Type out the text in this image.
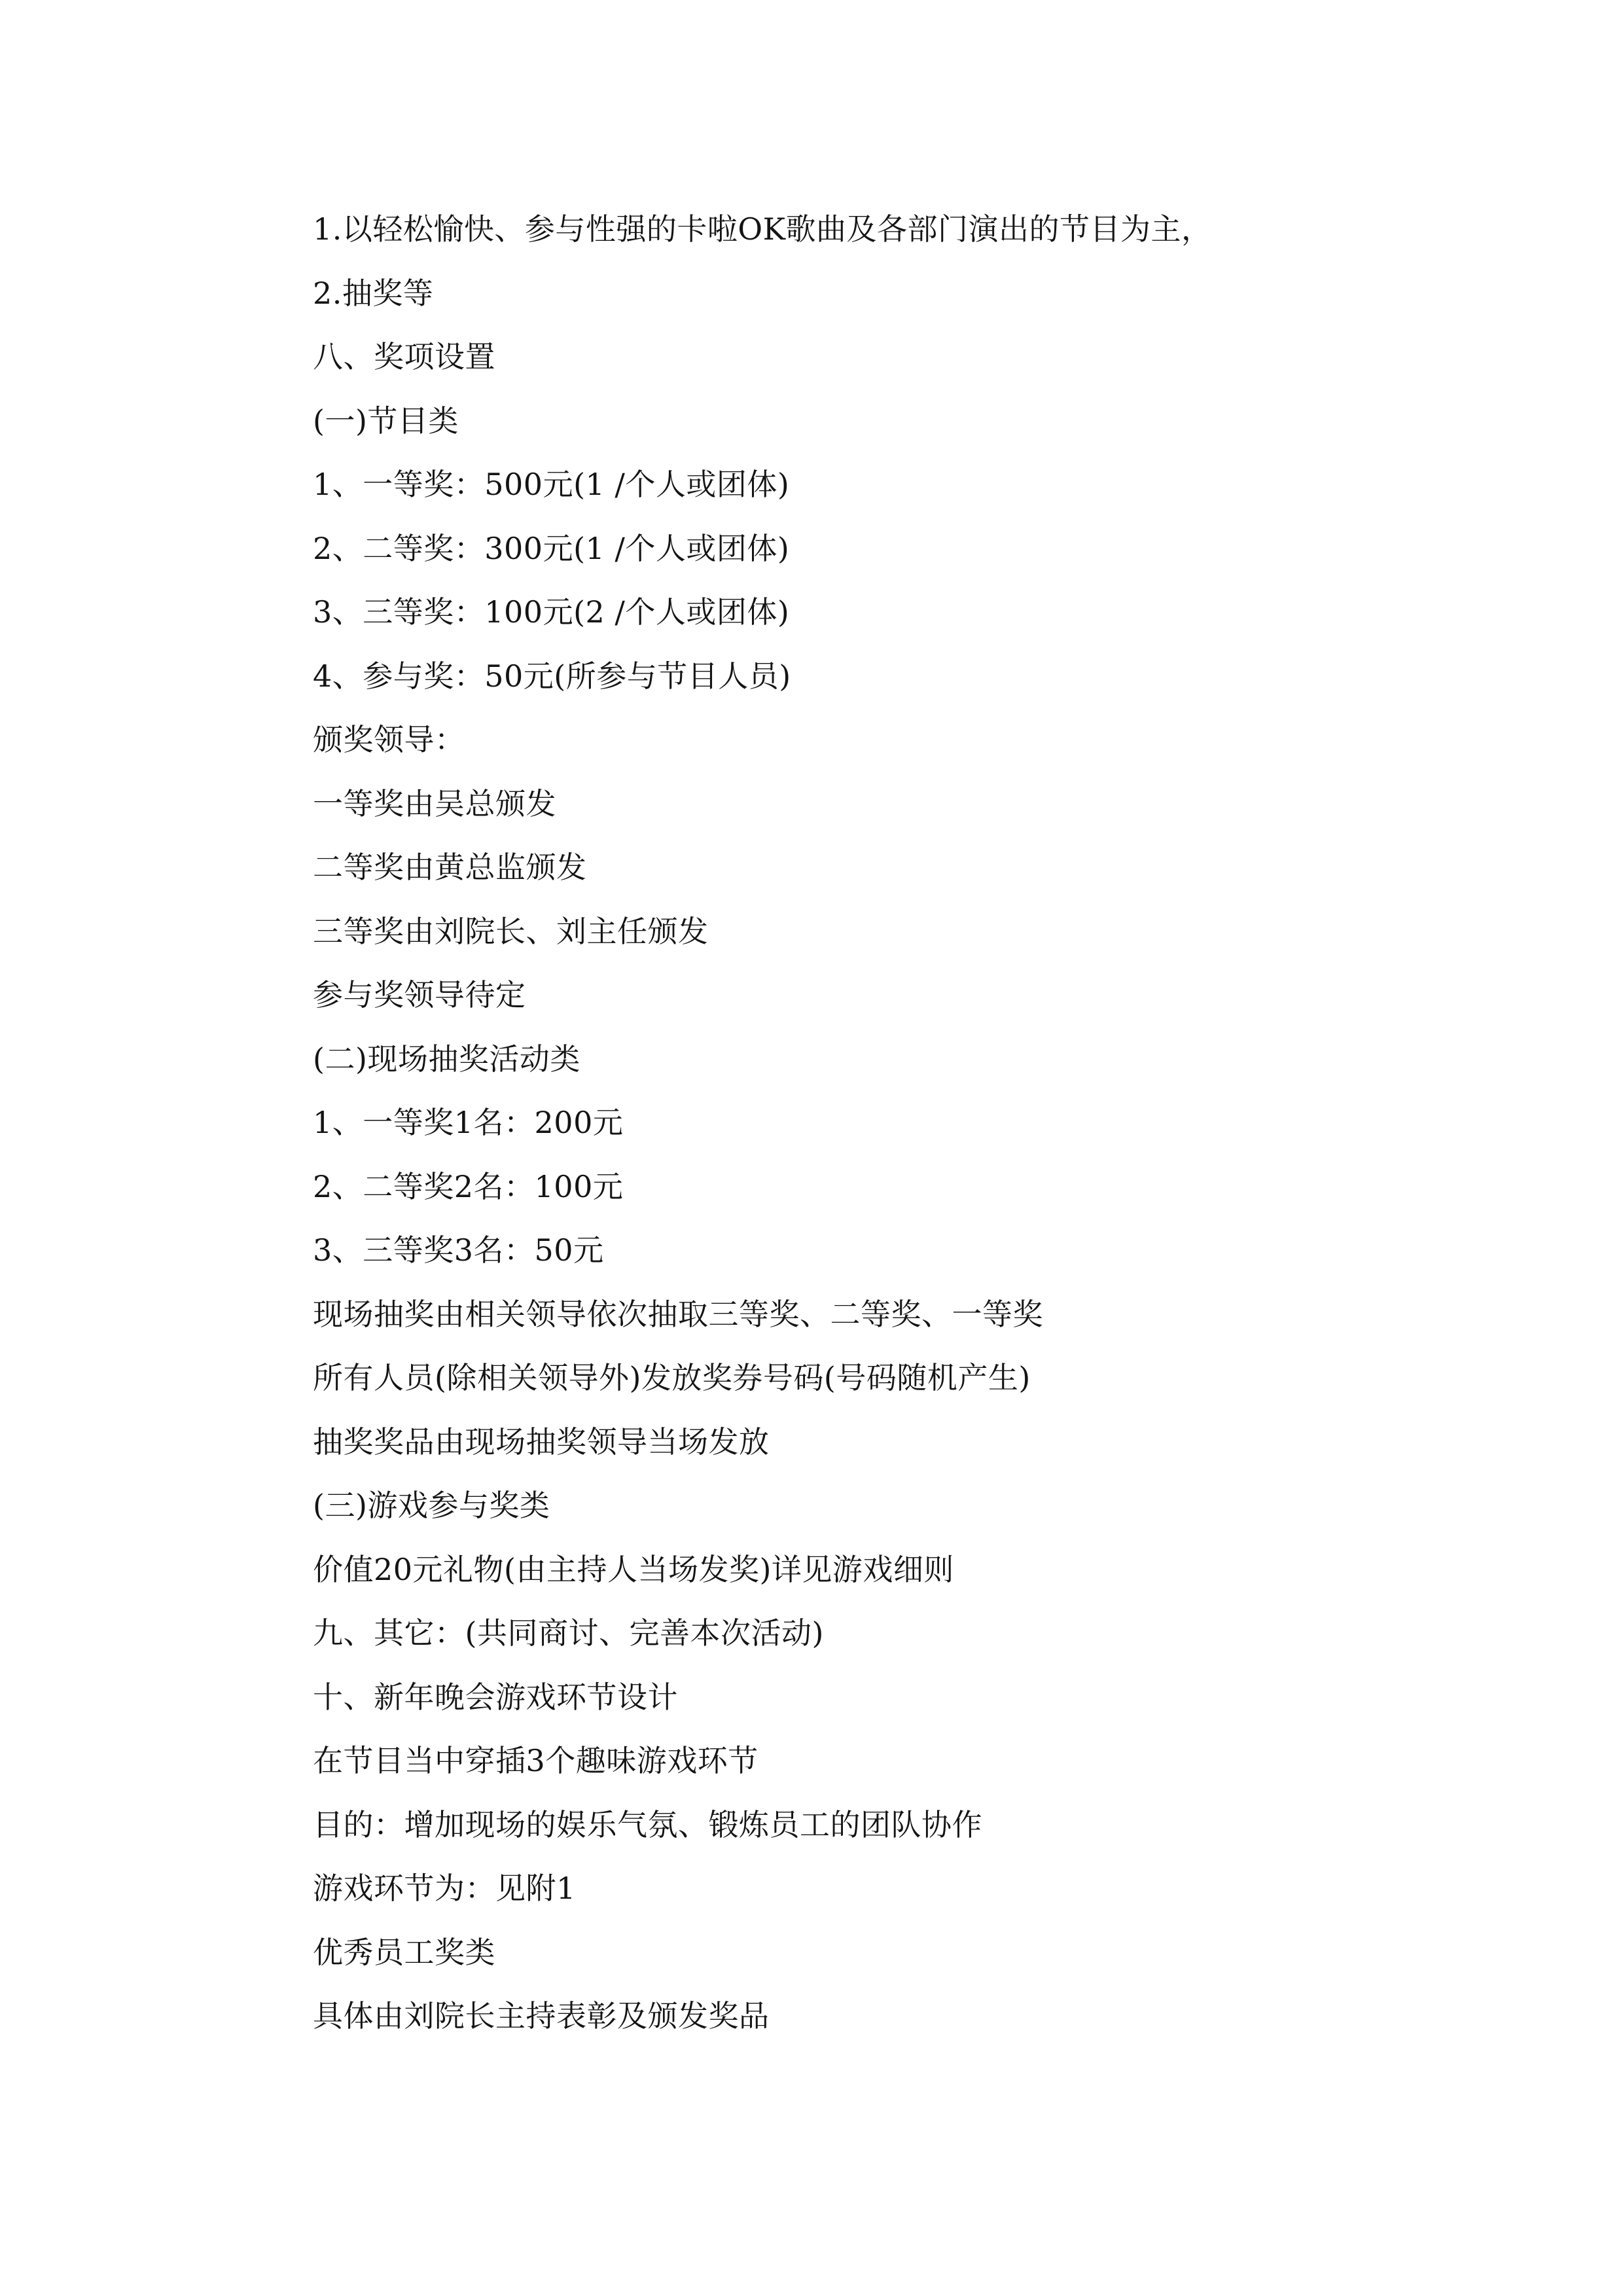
1.以轻松愉快、参与性强的卡啦OK歌曲及各部门演出的节目为主，
2.抽奖等
八、奖项设置
(一)节目类
1、一等奖：500元(1 /个人或团体)
2、二等奖：300元(1 /个人或团体)
3、三等奖：100元(2 /个人或团体)
4、参与奖：50元(所参与节目人员)
颁奖领导：
一等奖由吴总颁发
二等奖由黄总监颁发
三等奖由刘院长、刘主任颁发
参与奖领导待定
(二)现场抽奖活动类
1、一等奖1名：200元
2、二等奖2名：100元
3、三等奖3名：50元
现场抽奖由相关领导依次抽取三等奖、二等奖、一等奖
所有人员(除相关领导外)发放奖券号码(号码随机产生)
抽奖奖品由现场抽奖领导当场发放
(三)游戏参与奖类
价值20元礼物(由主持人当场发奖)详见游戏细则
九、其它：(共同商讨、完善本次活动)
十、新年晚会游戏环节设计
在节目当中穿插3个趣味游戏环节
目的：增加现场的娱乐气氛、锻炼员工的团队协作
游戏环节为：见附1
优秀员工奖类
具体由刘院长主持表彰及颁发奖品
